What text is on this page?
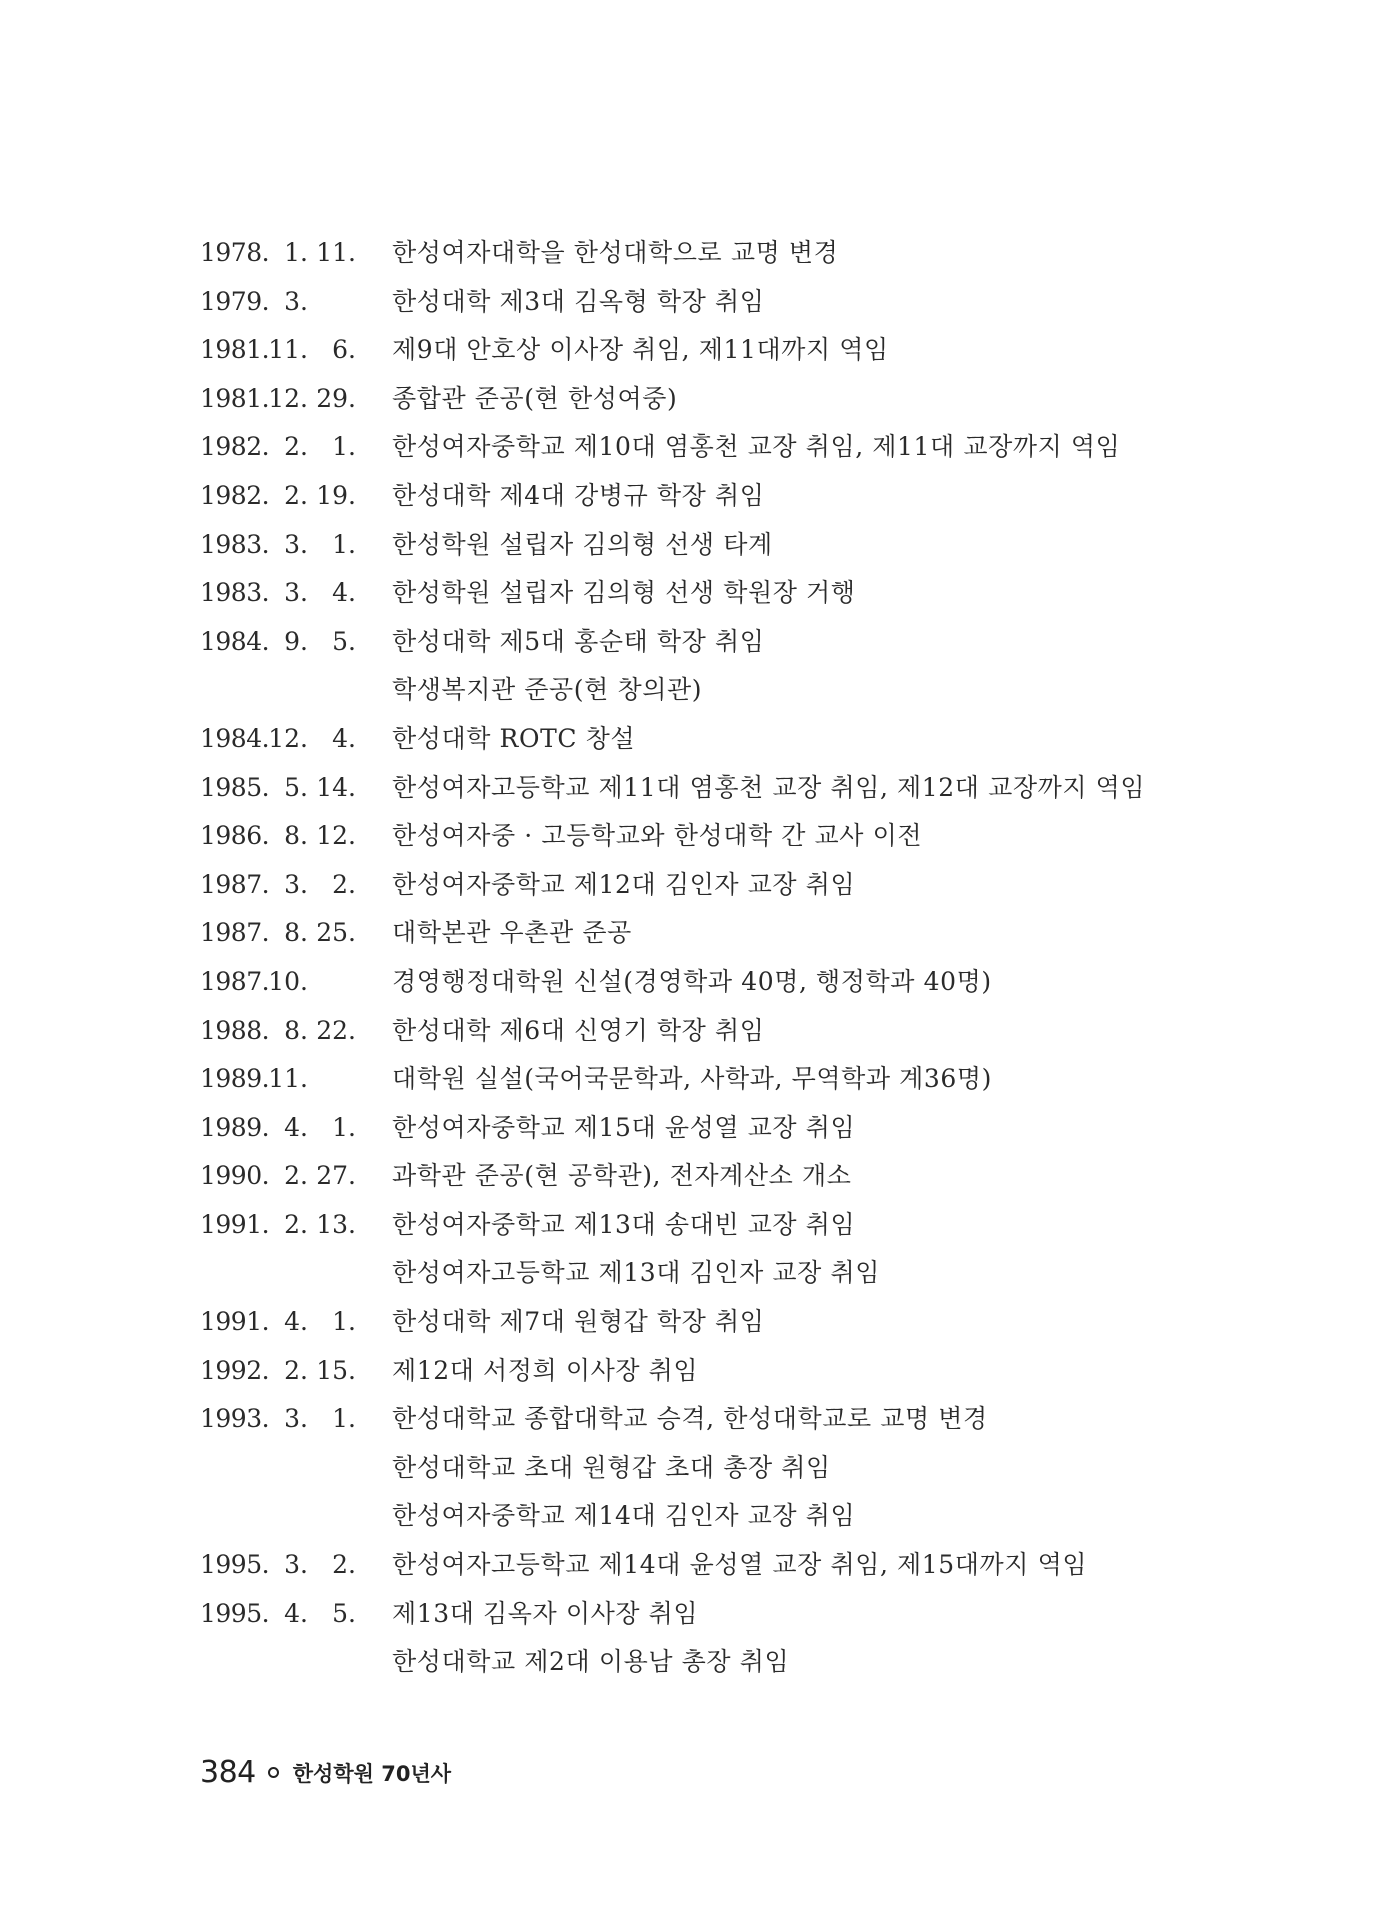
1978. 1. 11. 한성여자대학을 한성대학으로 교명 변경
1979. 3.	한성대학 제3대 김옥형 학장 취임
1981. 11. 6. 제9대 안호상 이사장 취임, 제11대까지 역임
1981. 12. 29. 종합관 준공(현 한성여중)
1982. 2. 1. 한성여자중학교 제10대 염홍천 교장 취임, 제11대 교장까지 역임
1982. 2. 19. 한성대학 제4대 강병규 학장 취임
1983. 3. 1. 한성학원 설립자 김의형 선생 타계
1983. 3. 4. 한성학원 설립자 김의형 선생 학원장 거행
1984. 9. 5. 한성대학 제5대 홍순태 학장 취임
학생복지관 준공(현 창의관)
1984. 12. 4. 한성대학 ROTC 창설
1985. 5. 14. 한성여자고등학교 제11대 염홍천 교장 취임, 제12대 교장까지 역임
1986. 8. 12. 한성여자중 · 고등학교와 한성대학 간 교사 이전
1987. 3. 2. 한성여자중학교 제12대 김인자 교장 취임
1987. 8. 25. 대학본관 우촌관 준공
1987. 10.	경영행정대학원 신설(경영학과 40명, 행정학과 40명)
1988. 8. 22. 한성대학 제6대 신영기 학장 취임
1989. 11.	대학원 실설(국어국문학과, 사학과, 무역학과 계36명)
1989. 4. 1. 한성여자중학교 제15대 윤성열 교장 취임
1990. 2. 27. 과학관 준공(현 공학관), 전자계산소 개소
1991. 2. 13. 한성여자중학교 제13대 송대빈 교장 취임
한성여자고등학교 제13대 김인자 교장 취임
1991. 4. 1. 한성대학 제7대 원형갑 학장 취임
1992. 2. 15. 제12대 서정희 이사장 취임
1993. 3. 1. 한성대학교 종합대학교 승격, 한성대학교로 교명 변경
한성대학교 초대 원형갑 초대 총장 취임
한성여자중학교 제14대 김인자 교장 취임
1995. 3. 2. 한성여자고등학교 제14대 윤성열 교장 취임, 제15대까지 역임
1995. 4. 5. 제13대 김옥자 이사장 취임
한성대학교 제2대 이용남 총장 취임
384 한성학원 70년사
